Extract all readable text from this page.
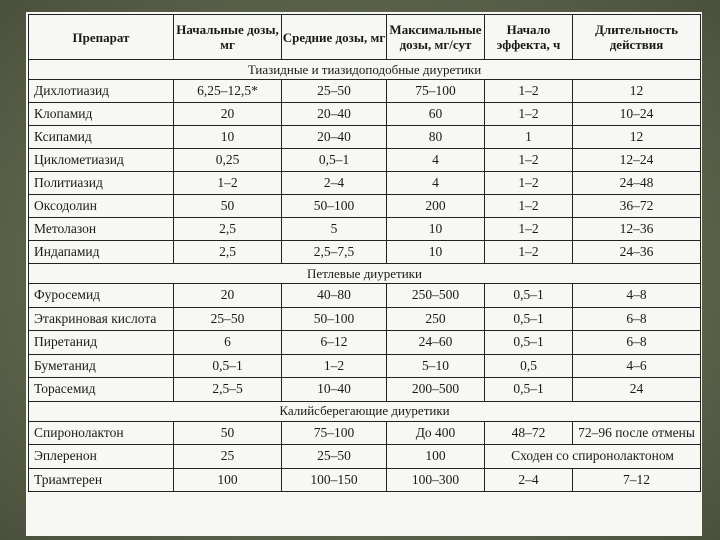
Препарат	Начальные дозы, мг	Средние дозы, мг	Максимальные дозы, мг/сут	Начало эффекта, ч	Длительность действия
Тиазидные и тиазидоподобные диуретики					
Дихлотиазид	6,25–12,5*	25–50	75–100	1–2	12
Клопамид	20	20–40	60	1–2	10–24
Ксипамид	10	20–40	80	1	12
Циклометиазид	0,25	0,5–1	4	1–2	12–24
Политиазид	1–2	2–4	4	1–2	24–48
Оксодолин	50	50–100	200	1–2	36–72
Метолазон	2,5	5	10	1–2	12–36
Индапамид	2,5	2,5–7,5	10	1–2	24–36
Петлевые диуретики					
Фуросемид	20	40–80	250–500	0,5–1	4–8
Этакриновая кислота	25–50	50–100	250	0,5–1	6–8
Пиретанид	6	6–12	24–60	0,5–1	6–8
Буметанид	0,5–1	1–2	5–10	0,5	4–6
Торасемид	2,5–5	10–40	200–500	0,5–1	24
Калийсберегающие диуретики					
Спиронолактон	50	75–100	До 400	48–72	72–96 после отмены
Эплеренон	25	25–50	100	Сходен со спиронолактоном	
Триамтерен	100	100–150	100–300	2–4	7–12
